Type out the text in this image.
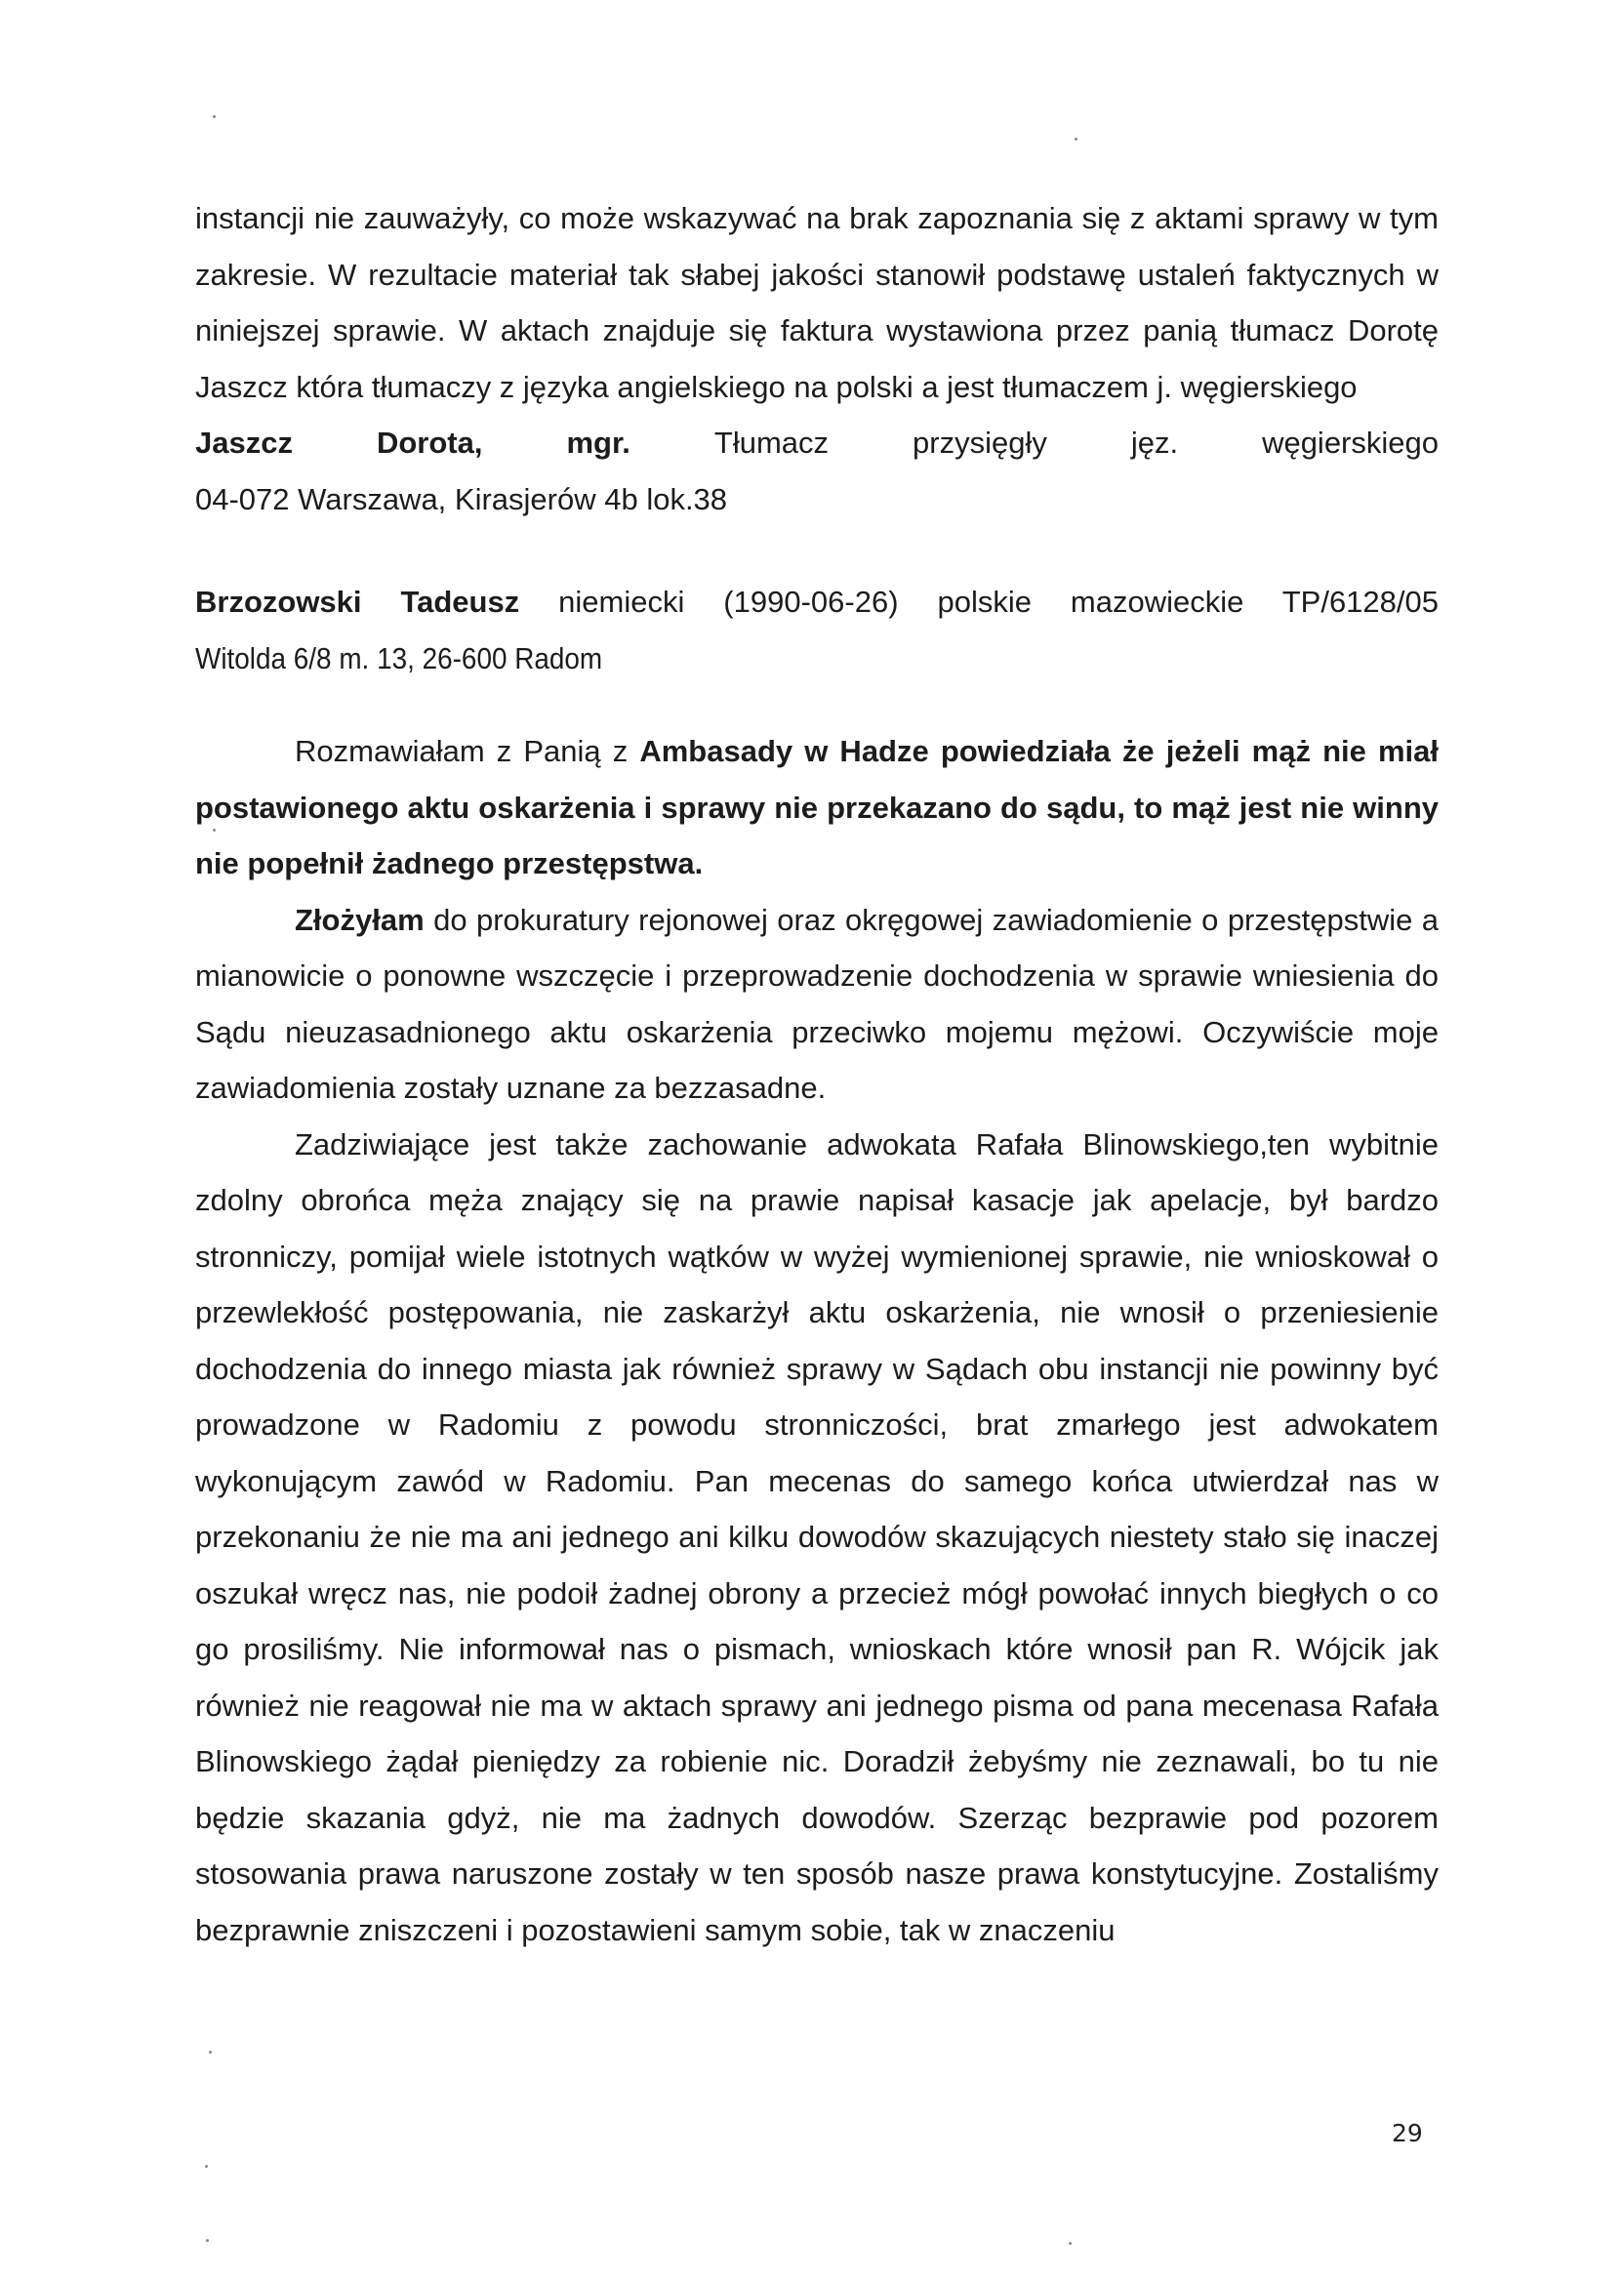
instancji nie zauważyły, co może wskazywać na brak zapoznania się z aktami sprawy w tym zakresie. W rezultacie materiał tak słabej jakości stanowił podstawę ustaleń faktycznych w niniejszej sprawie. W aktach znajduje się faktura wystawiona przez panią tłumacz Dorotę Jaszcz która tłumaczy z języka angielskiego na polski a jest tłumaczem j. węgierskiego

Jaszcz	Dorota,	mgr.	Tłumacz	przysięgły	jęz.	węgierskiego

04-072 Warszawa, Kirasjerów 4b lok.38

Brzozowski Tadeusz niemiecki (1990-06-26) polskie mazowieckie TP/6128/05

Witolda 6/8 m. 13, 26-600 Radom

Rozmawiałam z Panią z Ambasady w Hadze powiedziała że jeżeli mąż nie miał postawionego aktu oskarżenia i sprawy nie przekazano do sądu, to mąż jest nie winny nie popełnił żadnego przestępstwa.

Złożyłam do prokuratury rejonowej oraz okręgowej zawiadomienie o przestępstwie a mianowicie o ponowne wszczęcie i przeprowadzenie dochodzenia w sprawie wniesienia do Sądu nieuzasadnionego aktu oskarżenia przeciwko mojemu mężowi. Oczywiście moje zawiadomienia zostały uznane za bezzasadne.

Zadziwiające jest także zachowanie adwokata Rafała Blinowskiego,ten wybitnie zdolny obrońca męża znający się na prawie napisał kasacje jak apelacje, był bardzo stronniczy, pomijał wiele istotnych wątków w wyżej wymienionej sprawie, nie wnioskował o przewlekłość postępowania, nie zaskarżył aktu oskarżenia, nie wnosił o przeniesienie dochodzenia do innego miasta jak również sprawy w Sądach obu instancji nie powinny być prowadzone w Radomiu z powodu stronniczości, brat zmarłego jest adwokatem wykonującym zawód w Radomiu. Pan mecenas do samego końca utwierdzał nas w przekonaniu że nie ma ani jednego ani kilku dowodów skazujących niestety stało się inaczej oszukał wręcz nas, nie podoił żadnej obrony a przecież mógł powołać innych biegłych o co go prosiliśmy. Nie informował nas o pismach, wnioskach które wnosił pan R. Wójcik jak również nie reagował nie ma w aktach sprawy ani jednego pisma od pana mecenasa Rafała Blinowskiego żądał pieniędzy za robienie nic. Doradził żebyśmy nie zeznawali, bo tu nie będzie skazania gdyż, nie ma żadnych dowodów. Szerząc bezprawie pod pozorem stosowania prawa naruszone zostały w ten sposób nasze prawa konstytucyjne. Zostaliśmy bezprawnie zniszczeni i pozostawieni samym sobie, tak w znaczeniu

29
